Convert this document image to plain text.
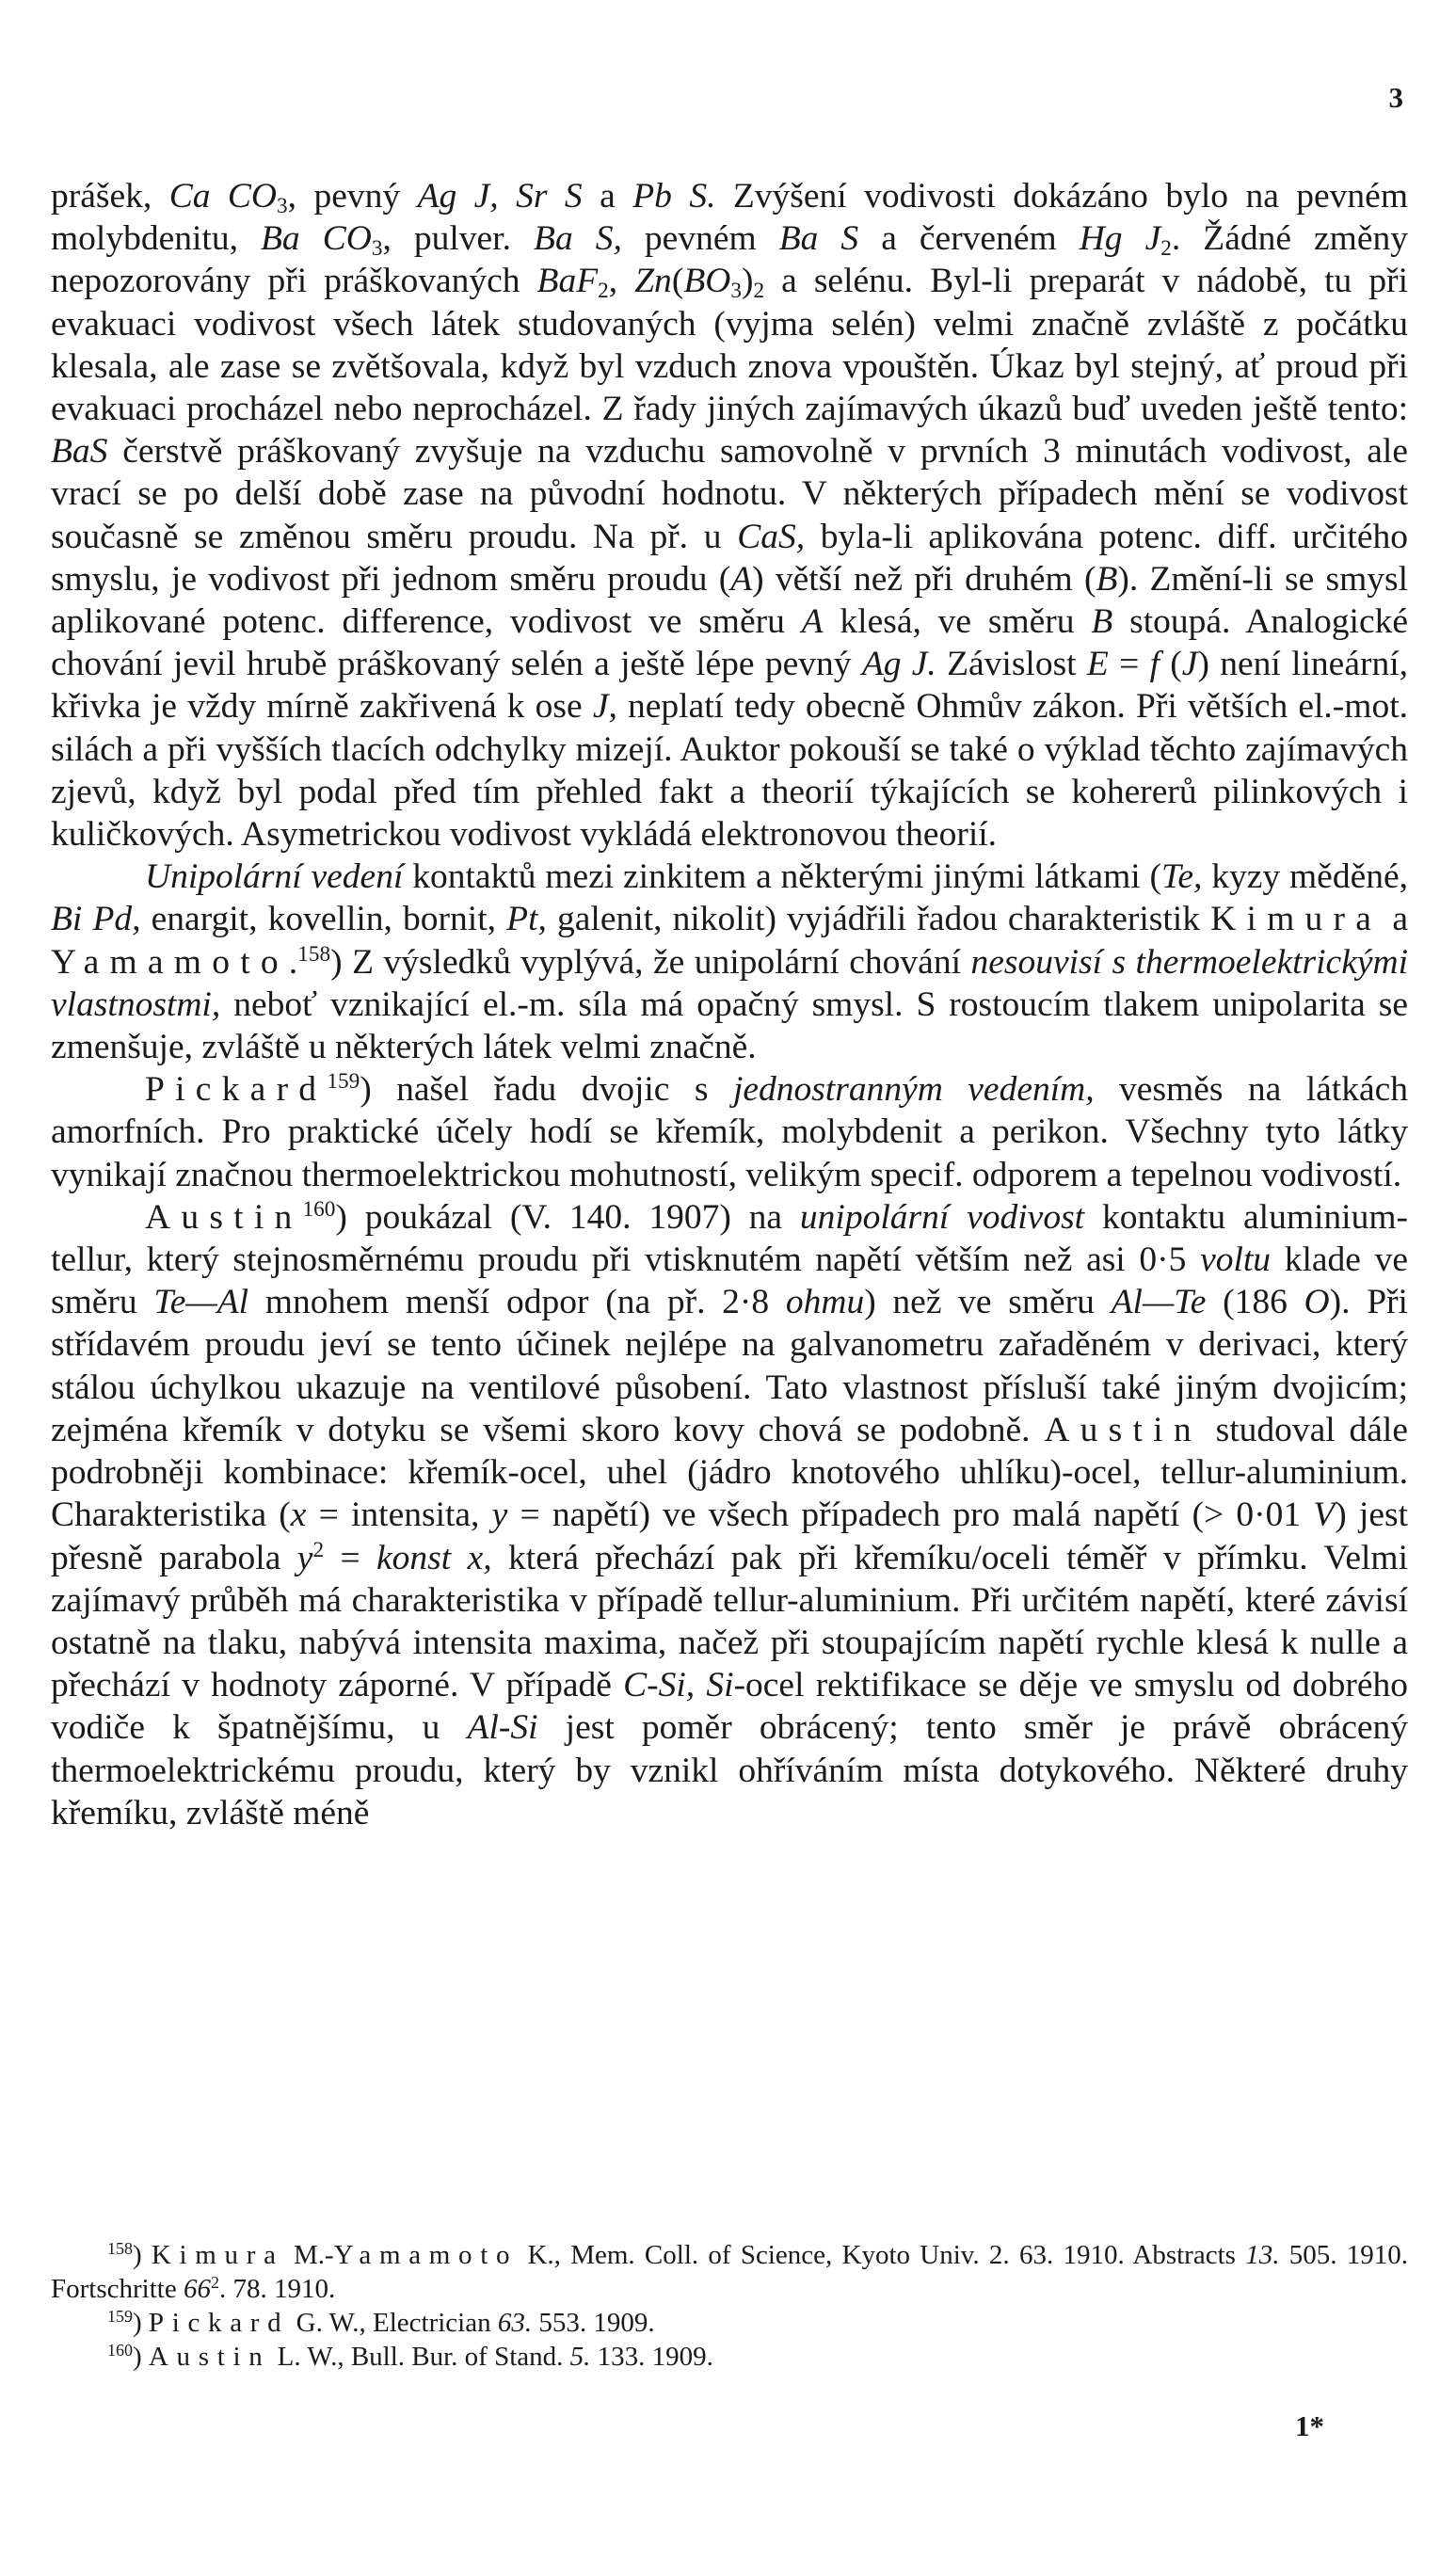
3

prášek, Ca $CO_3$, pevný Ag J, Sr S a Pb S. Zvýšení vodivosti dokázáno bylo na pevném molybdenitu, Ba $CO_3$, pulver. Ba S, pevném Ba S a červeném Hg $J_2$. Žádné změny nepozorovány při práškovaných BaF$_2$, $Zn(BO_3)_2$ a selénu. Byl-li preparát v nádobě, tu při evakuaci vodivost všech látek studovaných (vyjma selén) velmi značně zvláště z počátku klesala, ale zase se zvětšovala, když byl vzduch znova vpouštěn. Úkaz byl stejný, ať proud při evakuaci procházel nebo neprocházel. Z řady jiných zajímavých úkazů buď uveden ještě tento: BaS čerstvě práškovaný zvyšuje na vzduchu samovolně v prvních 3 minutách vodivost, ale vrací se po delší době zase na původní hodnotu. V některých případech mění se vodivost současně se změnou směru proudu. Na př. u CaS, byla-li aplikována potenc. diff. určitého smyslu, je vodivost při jednom směru proudu (A) větší než při druhém (B). Změní-li se smysl aplikované potenc. difference, vodivost ve směru A klesá, ve směru B stoupá. Analogické chování jevil hrubě práškovaný selén a ještě lépe pevný Ag J. Závislost E = f (J) není lineární, křivka je vždy mírně zakřivená k ose J, neplatí tedy obecně Ohmův zákon. Při větších el.-mot. silách a při vyšších tlacích odchylky mizejí. Auktor pokouší se také o výklad těchto zajímavých zjevů, když byl podal před tím přehled fakt a theorií týkajících se kohererů pilinkových i kuličkových. Asymetrickou vodivost vykládá elektronovou theorií.

Unipolární vedení kontaktů mezi zinkitem a některými jinými látkami (Te, kyzy měděné, Bi Pd, enargit, kovellin, bornit, Pt, galenit, nikolit) vyjádřili řadou charakteristik Kimura a Yamamoto.$^{158}$) Z výsledků vyplývá, že unipolární chování nesouvisí s thermoelektrickými vlastnostmi, neboť vznikající el.-m. síla má opačný smysl. S rostoucím tlakem unipolarita se zmenšuje, zvláště u některých látek velmi značně.

Pickard$^{159}$) našel řadu dvojic s jednostranným vedením, vesměs na látkách amorfních. Pro praktické účely hodí se křemík, molybdenit a perikon. Všechny tyto látky vynikají značnou thermoelektrickou mohutností, velikým specif. odporem a tepelnou vodivostí.

Austin$^{160}$) poukázal (V. 140. 1907) na unipolární vodivost kontaktu aluminium-tellur, který stejnosměrnému proudu při vtisknutém napětí větším než asi 0·5 voltu klade ve směru Te—Al mnohem menší odpor (na př. 2·8 ohmu) než ve směru Al—Te (186 O). Při střídavém proudu jeví se tento účinek nejlépe na galvanometru zařaděném v derivaci, který stálou úchylkou ukazuje na ventilové působení. Tato vlastnost přísluší také jiným dvojicím; zejména křemík v dotyku se všemi skoro kovy chová se podobně. Austin studoval dále podrobněji kombinace: křemík-ocel, uhel (jádro knotového uhlíku)-ocel, tellur-aluminium. Charakteristika (x = intensita, y = napětí) ve všech případech pro malá napětí (> 0·01 V) jest přesně parabola $y^2$ = konst x, která přechází pak při křemíku/oceli téměř v přímku. Velmi zajímavý průběh má charakteristika v případě tellur-aluminium. Při určitém napětí, které závisí ostatně na tlaku, nabývá intensita maxima, načež při stoupajícím napětí rychle klesá k nulle a přechází v hodnoty záporné. V případě C-Si, Si-ocel rektifikace se děje ve smyslu od dobrého vodiče k špatnějšímu, u Al-Si jest poměr obrácený; tento směr je právě obrácený thermoelektrickému proudu, který by vznikl ohříváním místa dotykového. Některé druhy křemíku, zvláště méně

$^{158}$) Kimura M.-Yamamoto K., Mem. Coll. of Science, Kyoto Univ. 2. 63. 1910. Abstracts 13. 505. 1910. Fortschritte $66^2$. 78. 1910.

$^{159}$) Pickard G. W., Electrician 63. 553. 1909.

$^{160}$) Austin L. W., Bull. Bur. of Stand. 5. 133. 1909.

1*
